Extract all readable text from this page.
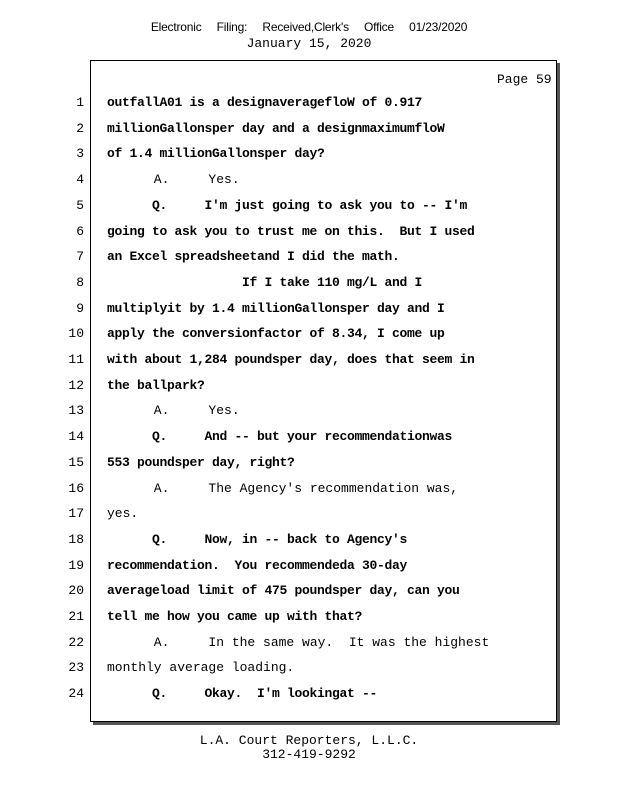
Electronic Filing: Received,Clerk's Office 01/23/2020
January 15, 2020
Page 59
1 outfallA01 is a designaveragefloW of 0.917
2 millionGallonsper day and a designmaximumfloW
3 of 1.4 millionGallonsper day?
4 A.     Yes.
5 Q.     I'm just going to ask you to -- I'm
6 going to ask you to trust me on this.  But I used
7 an Excel spreadsheetand I did the math.
8 If I take 110 mg/L and I
9 multiplyit by 1.4 millionGallonsper day and I
10 apply the conversionfactor of 8.34, I come up
11 with about 1,284 poundsper day, does that seem in
12 the ballpark?
13 A.     Yes.
14 Q.     And -- but your recommendationwas
15 553 poundsper day, right?
16 A.     The Agency's recommendation was,
17 yes.
18 Q.     Now, in -- back to Agency's
19 recommendation.  You recommendeda 30-day
20 averageload limit of 475 poundsper day, can you
21 tell me how you came up with that?
22 A.     In the same way.  It was the highest
23 monthly average loading.
24 Q.     Okay.  I'm lookingat --
L.A. Court Reporters, L.L.C.
312-419-9292
